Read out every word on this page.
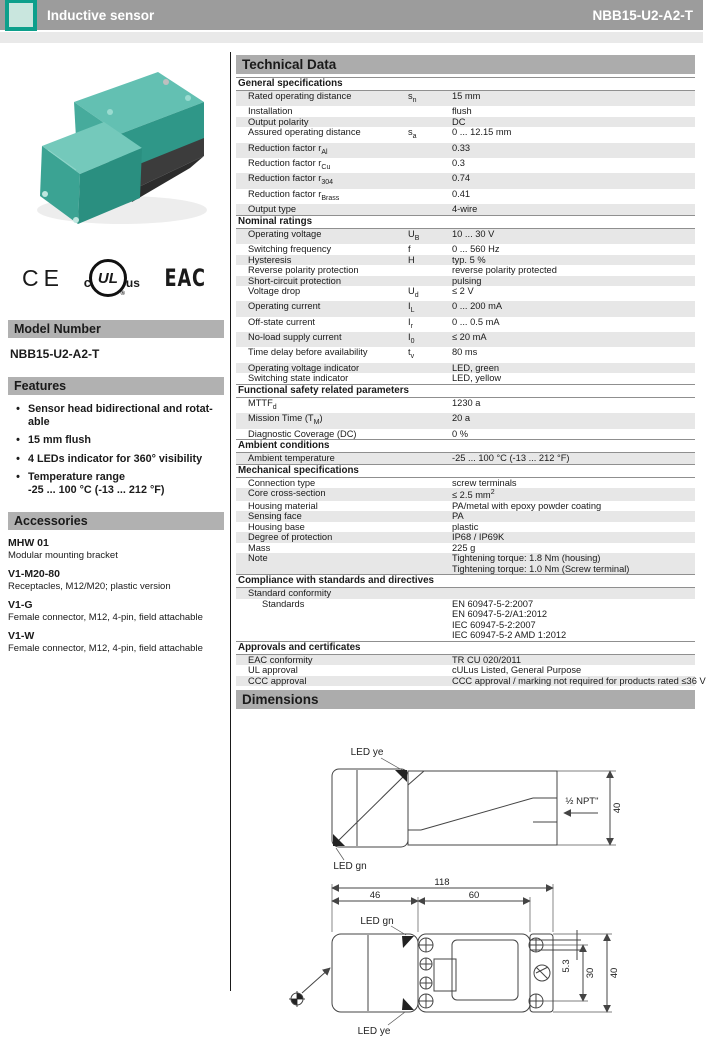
Inductive sensor	NBB15-U2-A2-T
CE c UL
®
us EAC
Model Number
NBB15-U2-A2-T
Features
• Sensor head bidirectional and rotat-
able
• 15 mm flush
• 4 LEDs indicator for 360° visibility
• Temperature range
-25 ... 100 °C (-13 ... 212 °F)
Accessories
MHW 01
Modular mounting bracket
V1-M20-80
Receptacles, M12/M20; plastic version
V1-G
Female connector, M12, 4-pin, field attachable
V1-W
Female connector, M12, 4-pin, field attachable
Technical Data
General specifications
Rated operating distance	$s_n$	15 mm
Installation	flush
Output polarity	DC
Assured operating distance	$s_a$	0 ... 12.15 mm
Reduction factor $r_{Al}$	0.33
Reduction factor $r_{Cu}$	0.3
Reduction factor $r_{304}$	0.74
Reduction factor $r_{Brass}$	0.41
Output type	4-wire
Nominal ratings
Operating voltage	$U_B$	10 ... 30 V
Switching frequency	f	0 ... 560 Hz
Hysteresis	H	typ. 5 %
Reverse polarity protection	reverse polarity protected
Short-circuit protection	pulsing
Voltage drop	$U_d$	≤ 2 V
Operating current	$I_L$	0 ... 200 mA
Off-state current	$I_r$	0 ... 0.5 mA
No-load supply current	$I_0$	≤ 20 mA
Time delay before availability	$t_v$	80 ms
Operating voltage indicator	LED, green
Switching state indicator	LED, yellow
Functional safety related parameters
$MTTF_d$	1230 a
Mission Time $(T_M)$	20 a
Diagnostic Coverage (DC)	0 %
Ambient conditions
Ambient temperature	-25 ... 100 °C (-13 ... 212 °F)
Mechanical specifications
Connection type	screw terminals
Core cross-section	≤ 2.5 $mm^2$
Housing material	PA/metal with epoxy powder coating
Sensing face	PA
Housing base	plastic
Degree of protection	IP68 / IP69K
Mass	225 g
Note	Tightening torque: 1.8 Nm (housing)
Tightening torque: 1.0 Nm (Screw terminal)
Compliance with standards and directives
Standard conformity
Standards	EN 60947-5-2:2007
EN 60947-5-2/A1:2012
IEC 60947-5-2:2007
IEC 60947-5-2 AMD 1:2012
Approvals and certificates
EAC conformity	TR CU 020/2011
UL approval	cULus Listed, General Purpose
CCC approval	CCC approval / marking not required for products rated ≤36 V
Dimensions
LED ye
LED gn
½ NPT"
40
118
46	60
5.3
30 40
LED gn
LED ye
